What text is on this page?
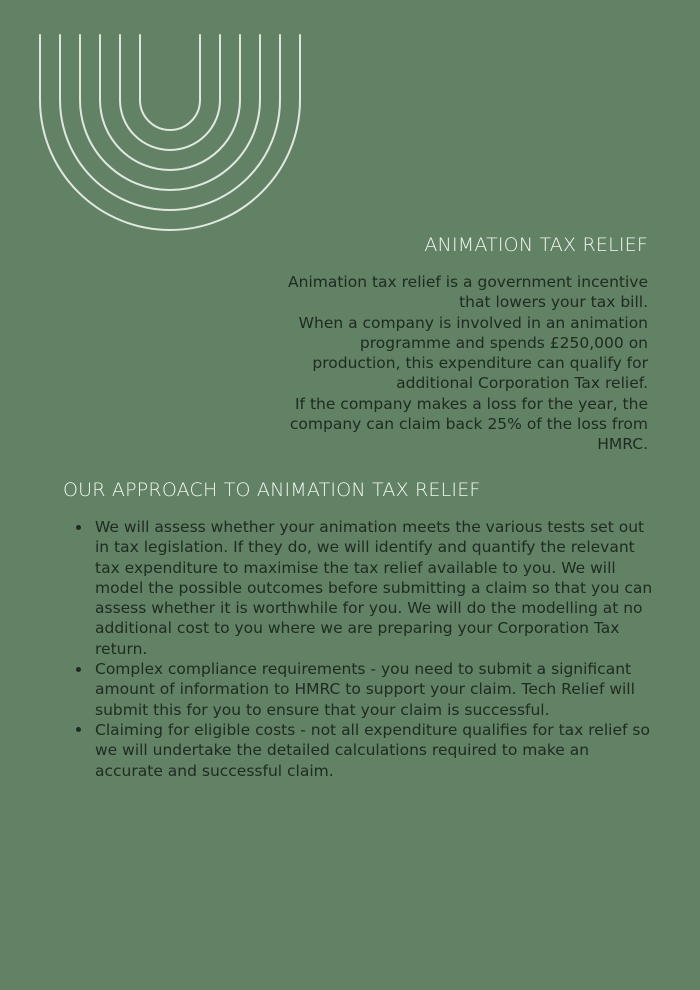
ANIMATION TAX RELIEF

Animation tax relief is a government incentive that lowers your tax bill.

When a company is involved in an animation programme and spends £250,000 on production, this expenditure can qualify for additional Corporation Tax relief.

If the company makes a loss for the year, the company can claim back 25% of the loss from HMRC.

OUR APPROACH TO ANIMATION TAX RELIEF
We will assess whether your animation meets the various tests set out in tax legislation. If they do, we will identify and quantify the relevant tax expenditure to maximise the tax relief available to you. We will model the possible outcomes before submitting a claim so that you can assess whether it is worthwhile for you. We will do the modelling at no additional cost to you where we are preparing your Corporation Tax return.
Complex compliance requirements - you need to submit a significant amount of information to HMRC to support your claim. Tech Relief will submit this for you to ensure that your claim is successful.
Claiming for eligible costs - not all expenditure qualifies for tax relief so we will undertake the detailed calculations required to make an accurate and successful claim.
